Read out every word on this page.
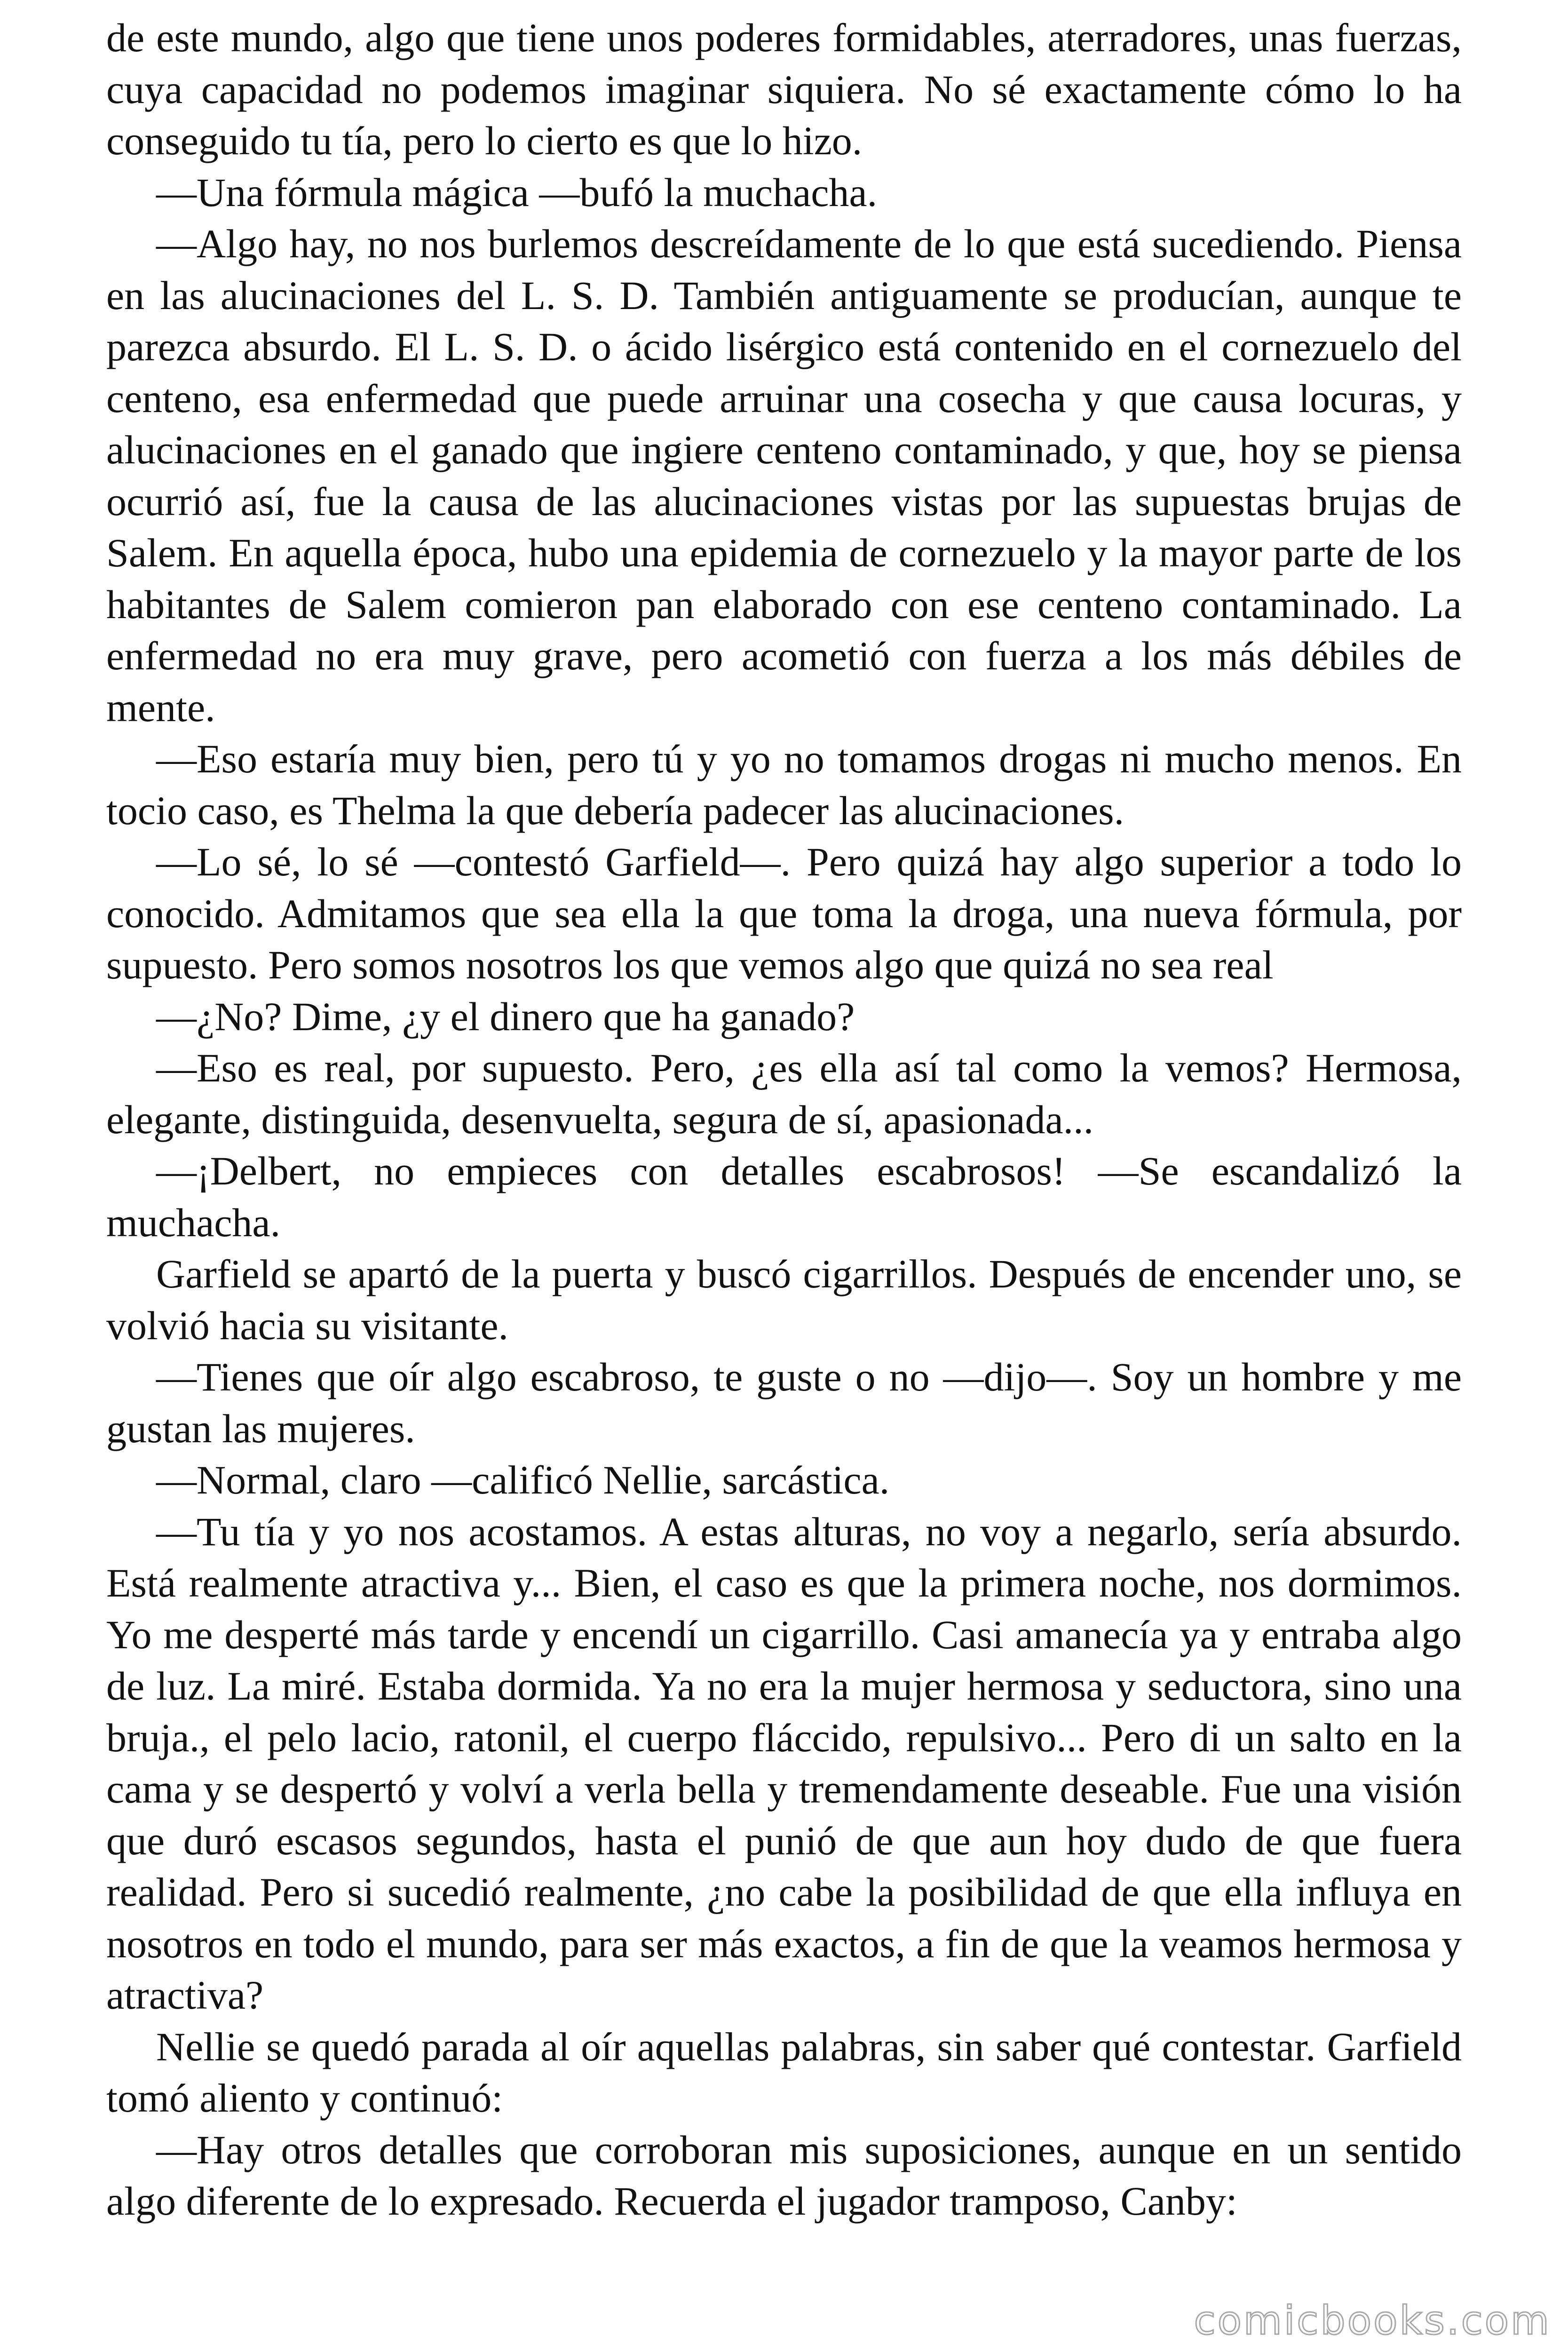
de este mundo, algo que tiene unos poderes formidables, aterradores, unas fuerzas, cuya capacidad no podemos imaginar siquiera. No sé exactamente cómo lo ha conseguido tu tía, pero lo cierto es que lo hizo.

—Una fórmula mágica —bufó la muchacha.

—Algo hay, no nos burlemos descreídamente de lo que está sucediendo. Piensa en las alucinaciones del L. S. D. También antiguamente se producían, aunque te parezca absurdo. El L. S. D. o ácido lisérgico está contenido en el cornezuelo del centeno, esa enfermedad que puede arruinar una cosecha y que causa locuras, y alucinaciones en el ganado que ingiere centeno contaminado, y que, hoy se piensa ocurrió así, fue la causa de las alucinaciones vistas por las supuestas brujas de Salem. En aquella época, hubo una epidemia de cornezuelo y la mayor parte de los habitantes de Salem comieron pan elaborado con ese centeno contaminado. La enfermedad no era muy grave, pero acometió con fuerza a los más débiles de mente.

—Eso estaría muy bien, pero tú y yo no tomamos drogas ni mucho menos. En tocio caso, es Thelma la que debería padecer las alucinaciones.

—Lo sé, lo sé —contestó Garfield—. Pero quizá hay algo superior a todo lo conocido. Admitamos que sea ella la que toma la droga, una nueva fórmula, por supuesto. Pero somos nosotros los que vemos algo que quizá no sea real

—¿No? Dime, ¿y el dinero que ha ganado?

—Eso es real, por supuesto. Pero, ¿es ella así tal como la vemos? Hermosa, elegante, distinguida, desenvuelta, segura de sí, apasionada...

—¡Delbert, no empieces con detalles escabrosos! —Se escandalizó la muchacha.

Garfield se apartó de la puerta y buscó cigarrillos. Después de encender uno, se volvió hacia su visitante.

—Tienes que oír algo escabroso, te guste o no —dijo—. Soy un hombre y me gustan las mujeres.

—Normal, claro —calificó Nellie, sarcástica.

—Tu tía y yo nos acostamos. A estas alturas, no voy a negarlo, sería absurdo. Está realmente atractiva y... Bien, el caso es que la primera noche, nos dormimos. Yo me desperté más tarde y encendí un cigarrillo. Casi amanecía ya y entraba algo de luz. La miré. Estaba dormida. Ya no era la mujer hermosa y seductora, sino una bruja., el pelo lacio, ratonil, el cuerpo fláccido, repulsivo... Pero di un salto en la cama y se despertó y volví a verla bella y tremendamente deseable. Fue una visión que duró escasos segundos, hasta el punió de que aun hoy dudo de que fuera realidad. Pero si sucedió realmente, ¿no cabe la posibilidad de que ella influya en nosotros en todo el mundo, para ser más exactos, a fin de que la veamos hermosa y atractiva?

Nellie se quedó parada al oír aquellas palabras, sin saber qué contestar. Garfield tomó aliento y continuó:

—Hay otros detalles que corroboran mis suposiciones, aunque en un sentido algo diferente de lo expresado. Recuerda el jugador tramposo, Canby:

comicbooks.com
